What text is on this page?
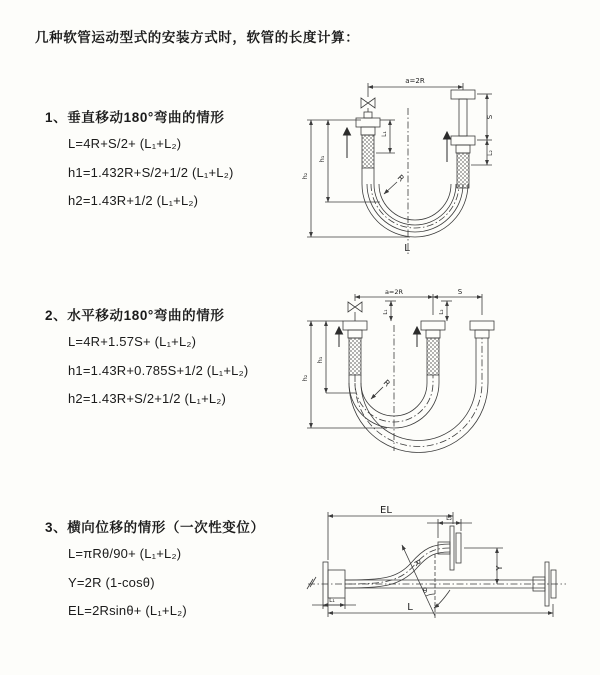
几种软管运动型式的安装方式时，软管的长度计算：
1、垂直移动180°弯曲的情形
L=4R+S/2+ (L₁+L₂)
h1=1.432R+S/2+1/2 (L₁+L₂)
h2=1.43R+1/2 (L₁+L₂)
2、水平移动180°弯曲的情形
L=4R+1.57S+ (L₁+L₂)
h1=1.43R+0.785S+1/2 (L₁+L₂)
h2=1.43R+S/2+1/2 (L₁+L₂)
3、横向位移的情形（一次性变位）
L=πRθ/90+ (L₁+L₂)
Y=2R (1-cosθ)
EL=2Rsinθ+ (L₁+L₂)
a=2R
S
L₂
h₂
h₁
L₁
R
L
a=2R	S
h₂
h₁
L₁	L₂
R
EL
L₂
Y
R
θ
L
L₁
